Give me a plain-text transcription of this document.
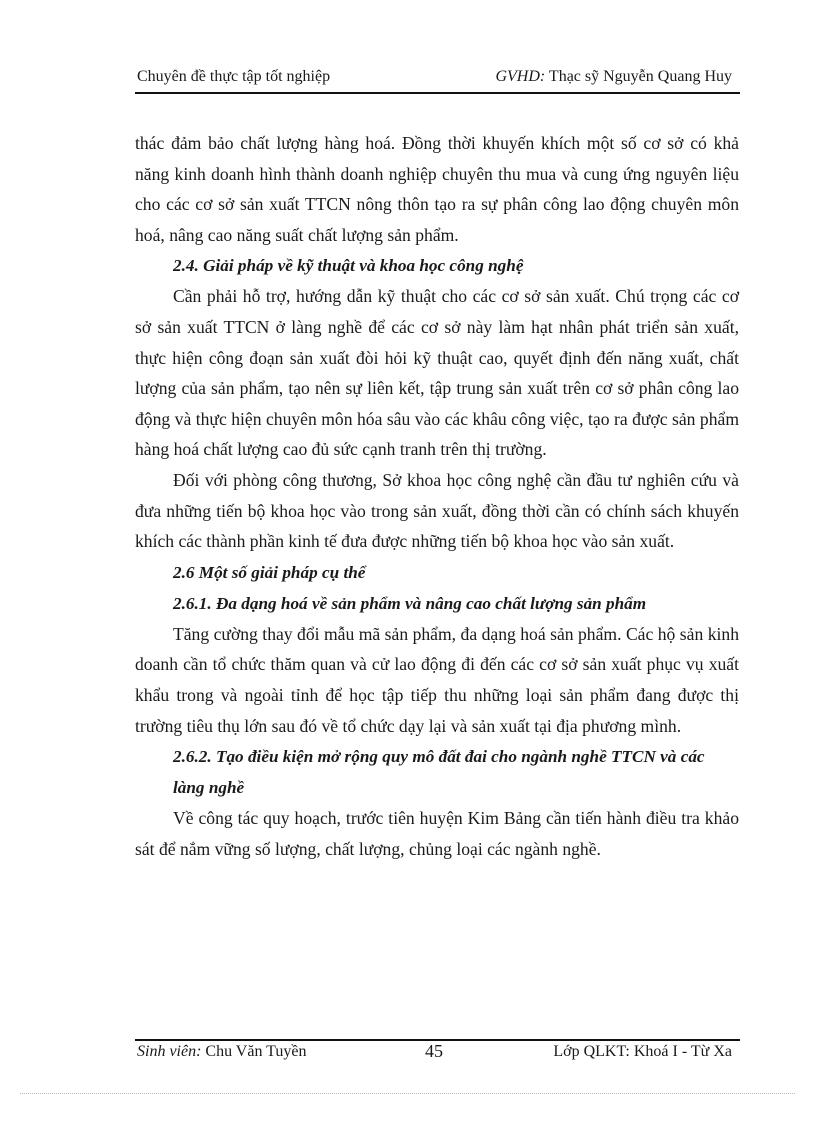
Chuyên đề thực tập tốt nghiệp	GVHD: Thạc sỹ Nguyễn Quang Huy

thác đảm bảo chất lượng hàng hoá. Đồng thời khuyến khích một số cơ sở có khả năng kinh doanh hình thành doanh nghiệp chuyên thu mua và cung ứng nguyên liệu cho các cơ sở sản xuất TTCN nông thôn tạo ra sự phân công lao động chuyên môn hoá, nâng cao năng suất chất lượng sản phẩm.

2.4. Giải pháp về kỹ thuật và khoa học công nghệ

Cần phải hỗ trợ, hướng dẫn kỹ thuật cho các cơ sở sản xuất. Chú trọng các cơ sở sản xuất TTCN ở làng nghề để các cơ sở này làm hạt nhân phát triển sản xuất, thực hiện công đoạn sản xuất đòi hỏi kỹ thuật cao, quyết định đến năng xuất, chất lượng của sản phẩm, tạo nên sự liên kết, tập trung sản xuất trên cơ sở phân công lao động và thực hiện chuyên môn hóa sâu vào các khâu công việc, tạo ra được sản phẩm hàng hoá chất lượng cao đủ sức cạnh tranh trên thị trường.

Đối với phòng công thương, Sở khoa học công nghệ cần đầu tư nghiên cứu và đưa những tiến bộ khoa học vào trong sản xuất, đồng thời cần có chính sách khuyến khích các thành phần kinh tế đưa được những tiến bộ khoa học vào sản xuất.

2.6 Một số giải pháp cụ thể
2.6.1. Đa dạng hoá về sản phẩm và nâng cao chất lượng sản phẩm

Tăng cường thay đổi mẫu mã sản phẩm, đa dạng hoá sản phẩm. Các hộ sản kinh doanh cần tổ chức thăm quan và cử lao động đi đến các cơ sở sản xuất phục vụ xuất khẩu trong và ngoài tỉnh để học tập tiếp thu những loại sản phẩm đang được thị trường tiêu thụ lớn sau đó về tổ chức dạy lại và sản xuất tại địa phương mình.

2.6.2. Tạo điều kiện mở rộng quy mô đất đai cho ngành nghề TTCN và các làng nghề

Về công tác quy hoạch, trước tiên huyện Kim Bảng cần tiến hành điều tra khảo sát để nắm vững số lượng, chất lượng, chủng loại các ngành nghề.

Sinh viên: Chu Văn Tuyền	45	Lớp QLKT: Khoá I - Từ Xa
